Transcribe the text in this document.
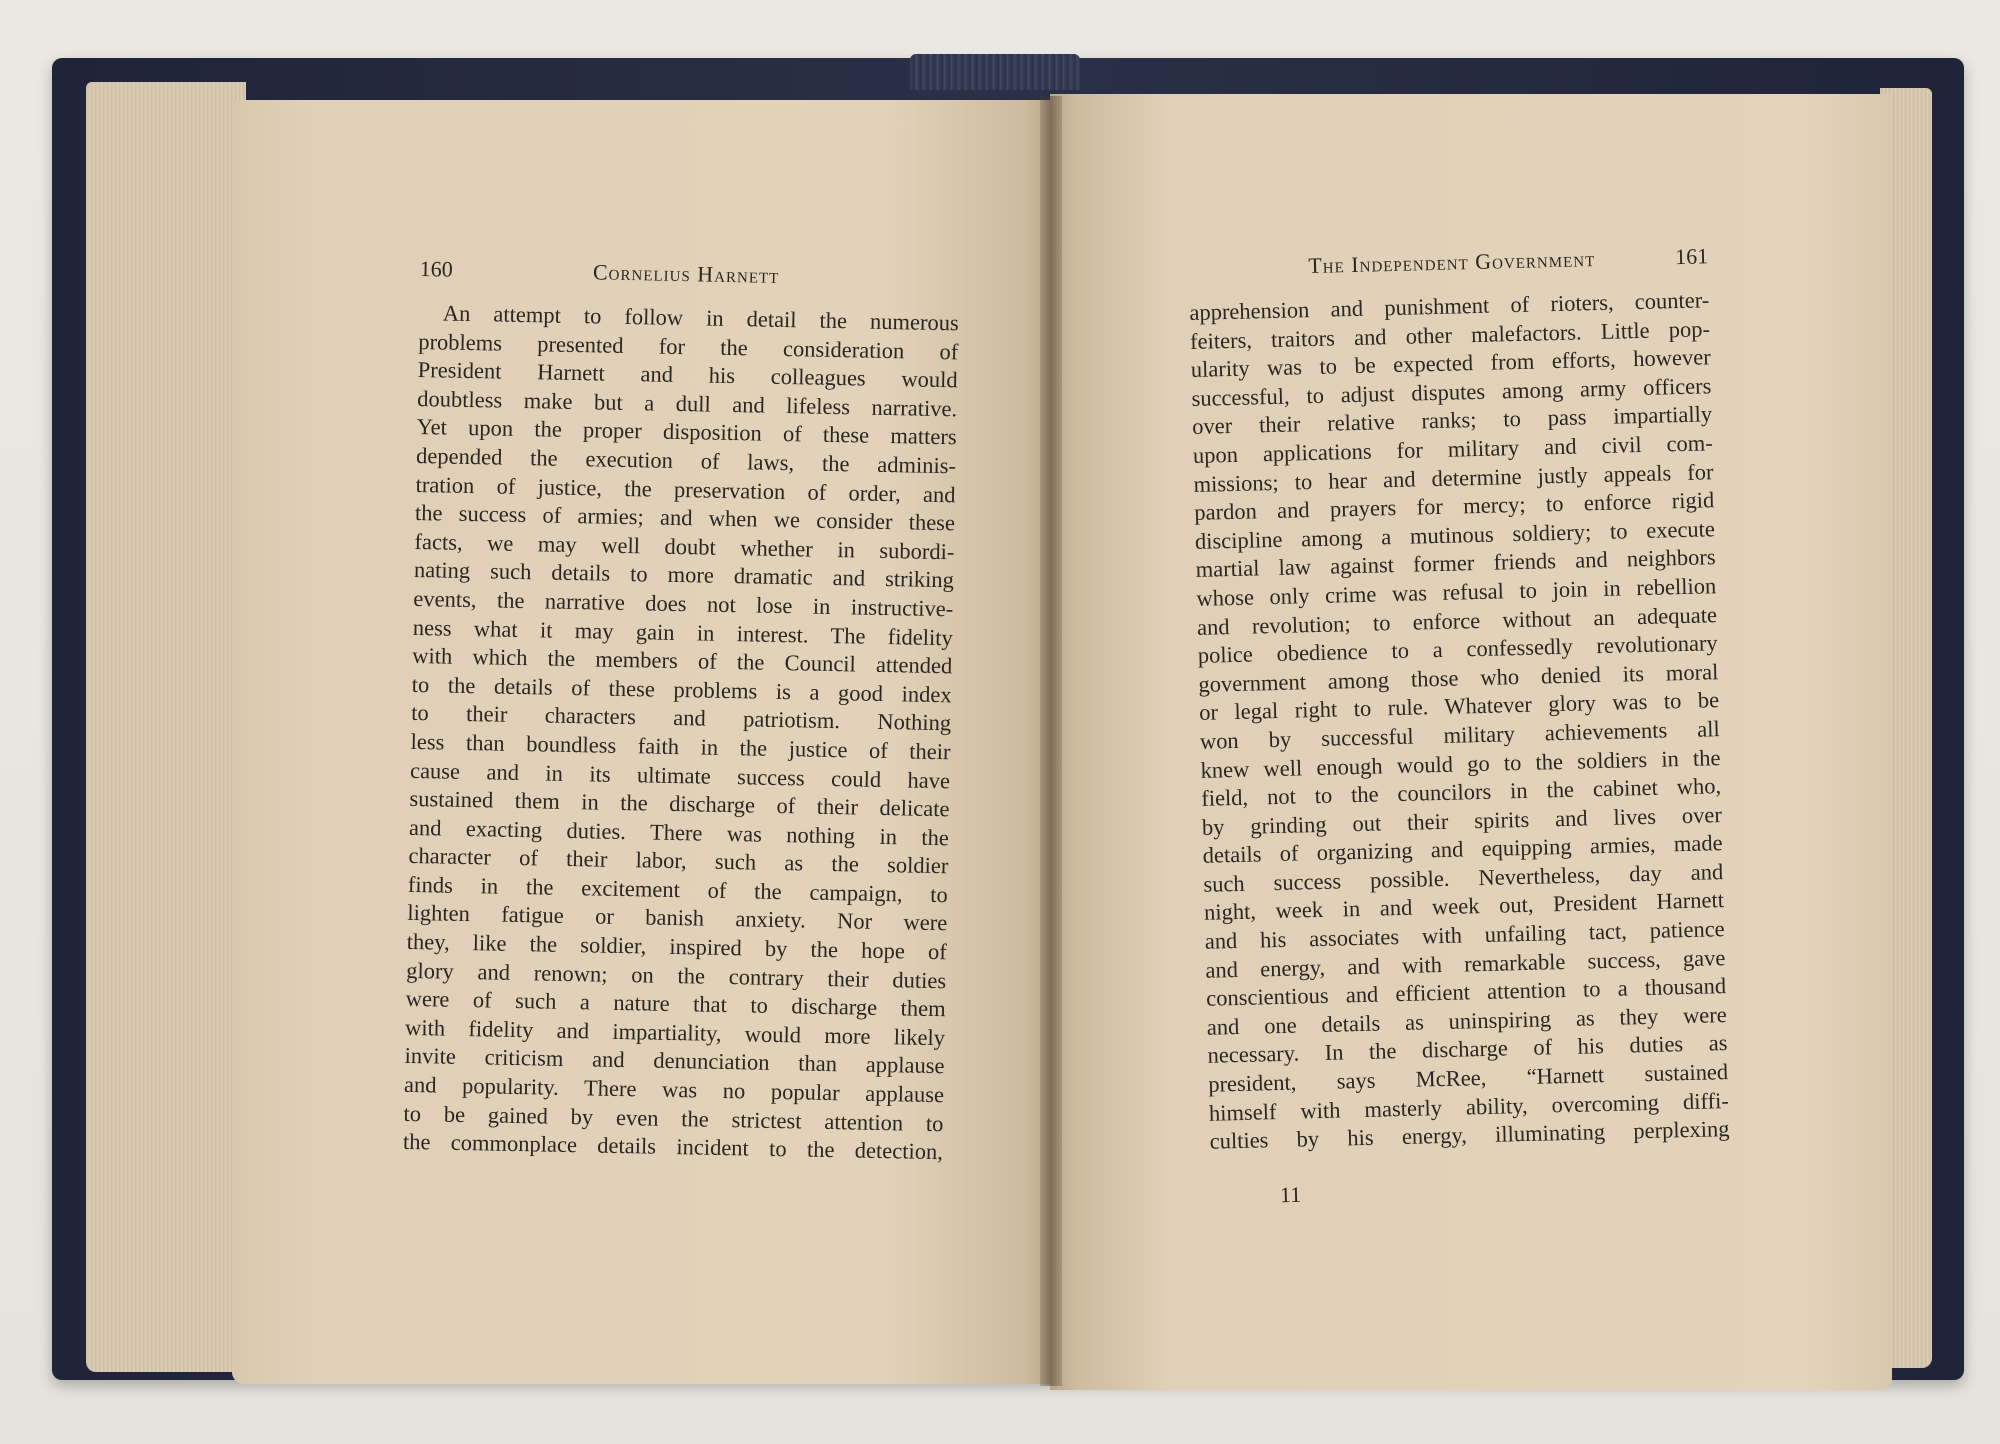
160	Cornelius Harnett
An attempt to follow in detail the numerous
problems presented for the consideration of
President Harnett and his colleagues would
doubtless make but a dull and lifeless narrative.
Yet upon the proper disposition of these matters
depended the execution of laws, the adminis-
tration of justice, the preservation of order, and
the success of armies; and when we consider these
facts, we may well doubt whether in subordi-
nating such details to more dramatic and striking
events, the narrative does not lose in instructive-
ness what it may gain in interest. The fidelity
with which the members of the Council attended
to the details of these problems is a good index
to their characters and patriotism. Nothing
less than boundless faith in the justice of their
cause and in its ultimate success could have
sustained them in the discharge of their delicate
and exacting duties. There was nothing in the
character of their labor, such as the soldier
finds in the excitement of the campaign, to
lighten fatigue or banish anxiety. Nor were
they, like the soldier, inspired by the hope of
glory and renown; on the contrary their duties
were of such a nature that to discharge them
with fidelity and impartiality, would more likely
invite criticism and denunciation than applause
and popularity. There was no popular applause
to be gained by even the strictest attention to
the commonplace details incident to the detection,
The Independent Government	161
apprehension and punishment of rioters, counter-
feiters, traitors and other malefactors. Little pop-
ularity was to be expected from efforts, however
successful, to adjust disputes among army officers
over their relative ranks; to pass impartially
upon applications for military and civil com-
missions; to hear and determine justly appeals for
pardon and prayers for mercy; to enforce rigid
discipline among a mutinous soldiery; to execute
martial law against former friends and neighbors
whose only crime was refusal to join in rebellion
and revolution; to enforce without an adequate
police obedience to a confessedly revolutionary
government among those who denied its moral
or legal right to rule. Whatever glory was to be
won by successful military achievements all
knew well enough would go to the soldiers in the
field, not to the councilors in the cabinet who,
by grinding out their spirits and lives over
details of organizing and equipping armies, made
such success possible. Nevertheless, day and
night, week in and week out, President Harnett
and his associates with unfailing tact, patience
and energy, and with remarkable success, gave
conscientious and efficient attention to a thousand
and one details as uninspiring as they were
necessary. In the discharge of his duties as
president, says McRee, “Harnett sustained
himself with masterly ability, overcoming diffi-
culties by his energy, illuminating perplexing
11
